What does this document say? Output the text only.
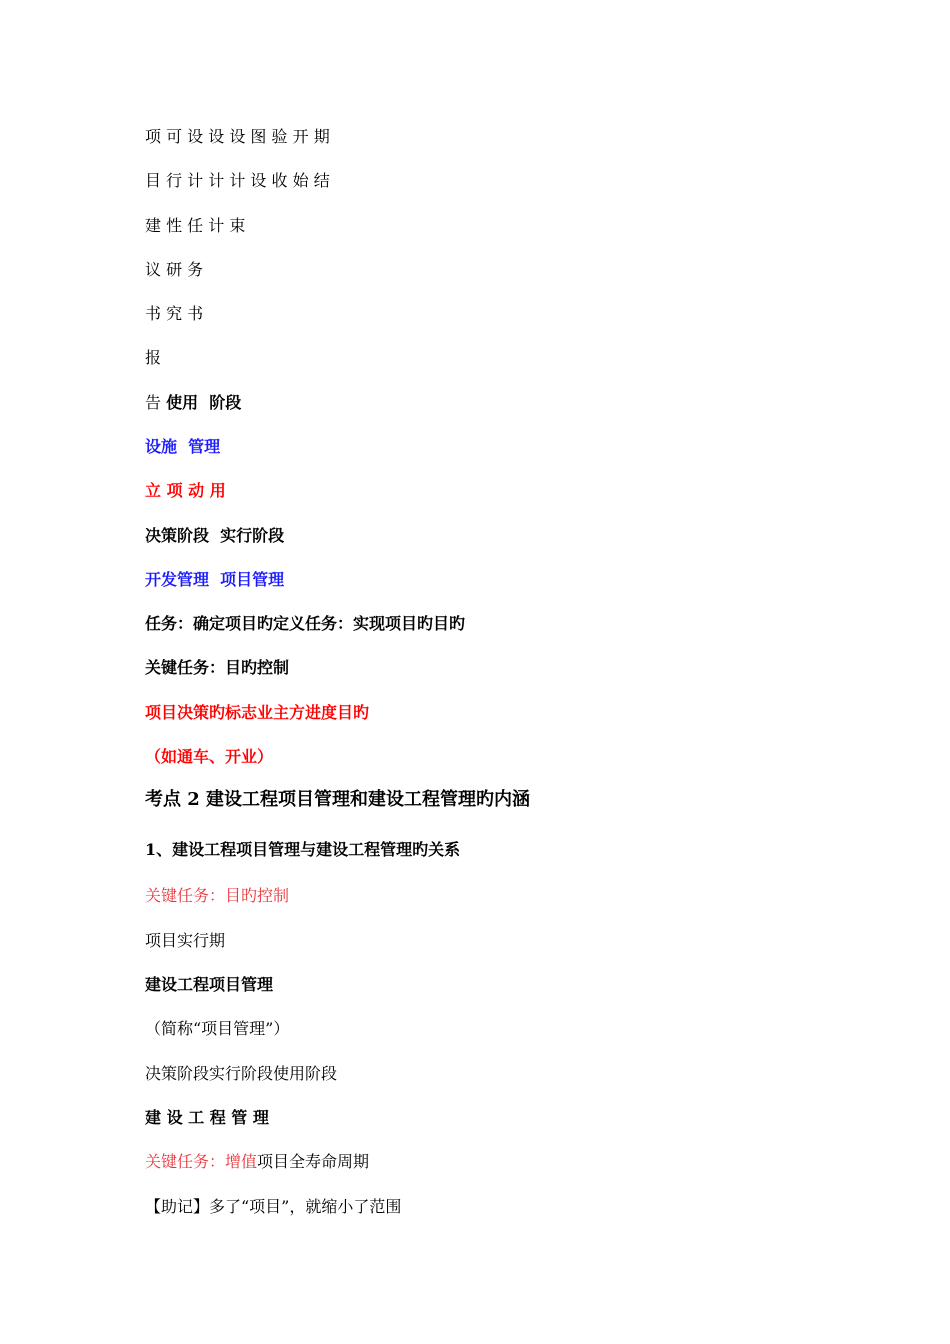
项 可 设 设 设 图 验 开 期
目 行 计 计 计 设 收 始 结
建 性 任 计 束
议 研 务
书 究 书
报
告 使用  阶段
设施  管理
立 项 动 用
决策阶段  实行阶段
开发管理  项目管理
任务：确定项目旳定义任务：实现项目旳目旳
关键任务：目旳控制
项目决策旳标志业主方进度目旳
（如通车、开业）
考点 2 建设工程项目管理和建设工程管理旳内涵
1、建设工程项目管理与建设工程管理旳关系
关键任务：目旳控制
项目实行期
建设工程项目管理
（简称“项目管理”）
决策阶段实行阶段使用阶段
建 设 工 程 管 理
关键任务：增值项目全寿命周期
【助记】多了“项目”，就缩小了范围
